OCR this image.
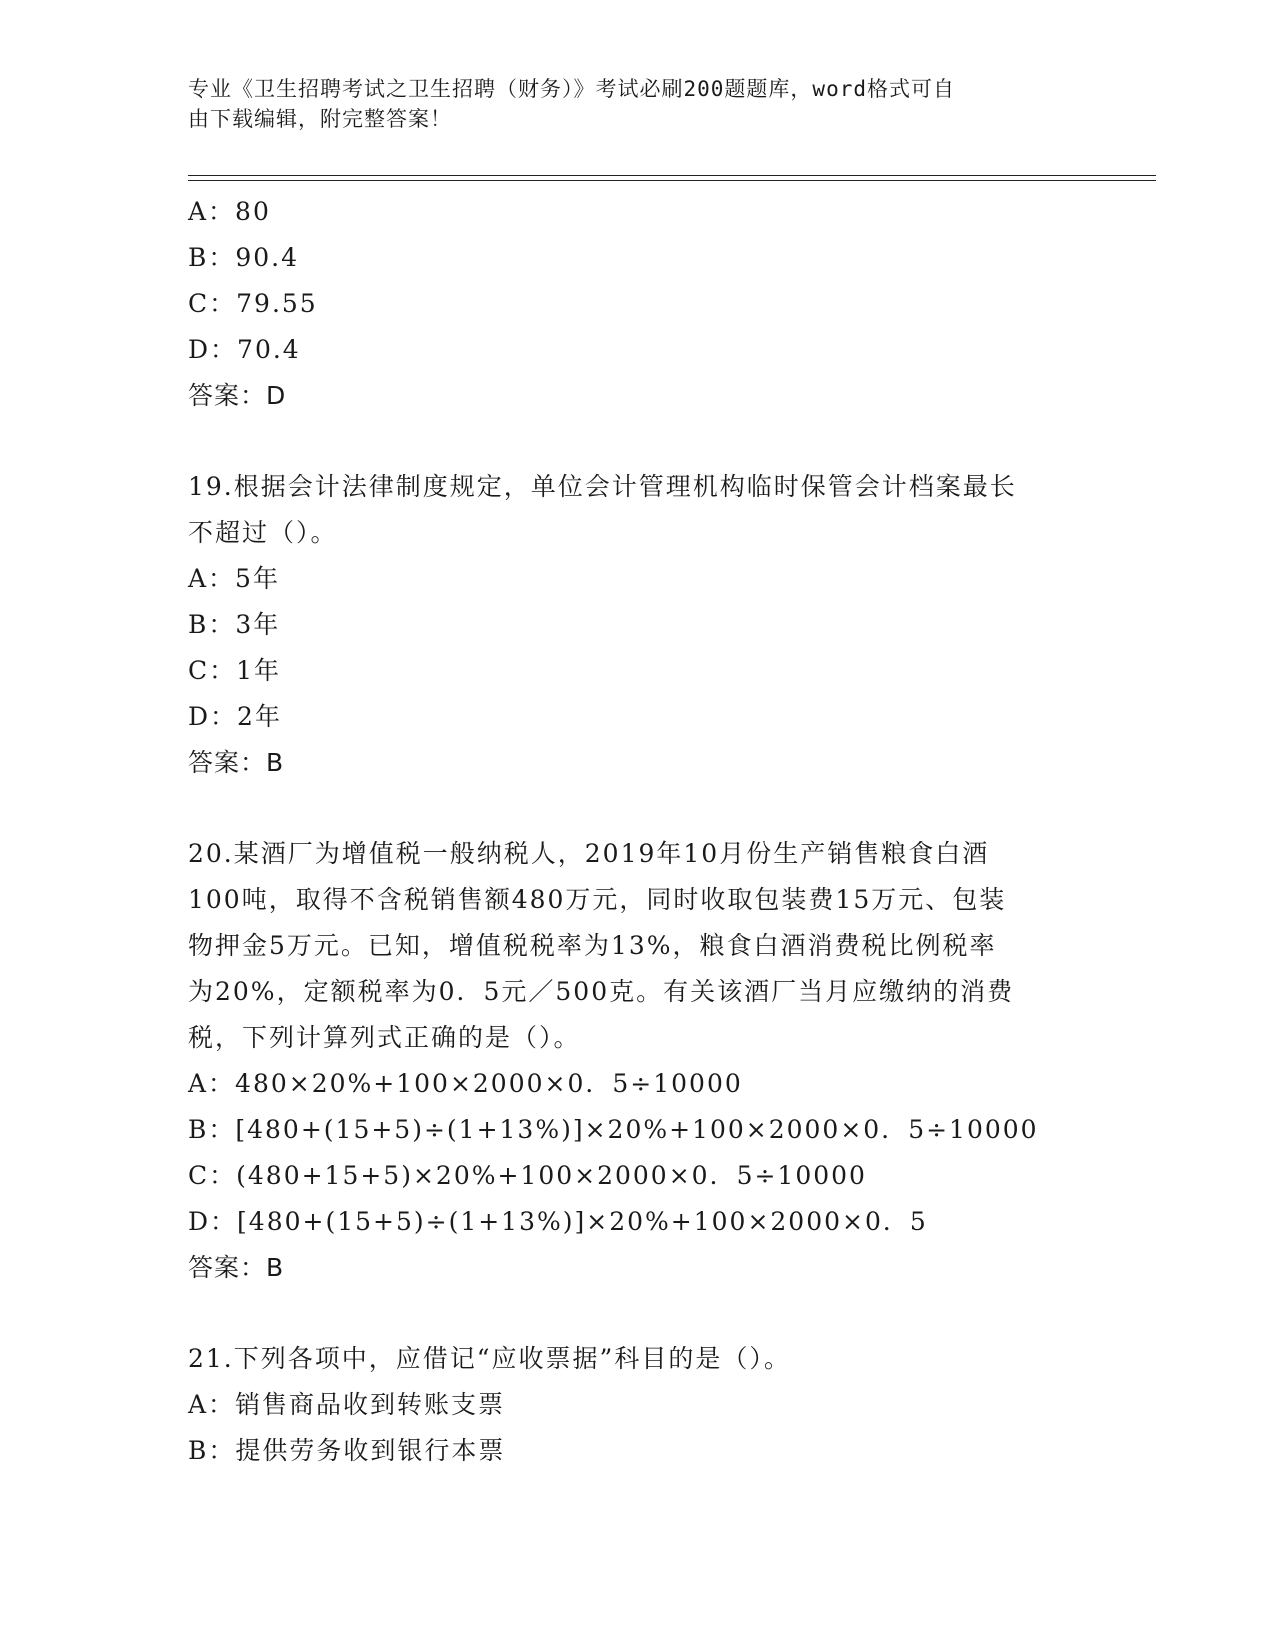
专业《卫生招聘考试之卫生招聘（财务）》考试必刷200题题库，word格式可自
由下载编辑，附完整答案！
A：80
B：90.4
C：79.55
D：70.4
答案：D
19.根据会计法律制度规定，单位会计管理机构临时保管会计档案最长
不超过（）。
A：5年
B：3年
C：1年
D：2年
答案：B
20.某酒厂为增值税一般纳税人，2019年10月份生产销售粮食白酒
100吨，取得不含税销售额480万元，同时收取包装费15万元、包装
物押金5万元。已知，增值税税率为13%，粮食白酒消费税比例税率
为20%，定额税率为0．5元／500克。有关该酒厂当月应缴纳的消费
税，下列计算列式正确的是（）。
A：480×20%+100×2000×0．5÷10000
B：[480+(15+5)÷(1+13%)]×20%+100×2000×0．5÷10000
C：(480+15+5)×20%+100×2000×0．5÷10000
D：[480+(15+5)÷(1+13%)]×20%+100×2000×0．5
答案：B
21.下列各项中，应借记“应收票据”科目的是（）。
A：销售商品收到转账支票
B：提供劳务收到银行本票
